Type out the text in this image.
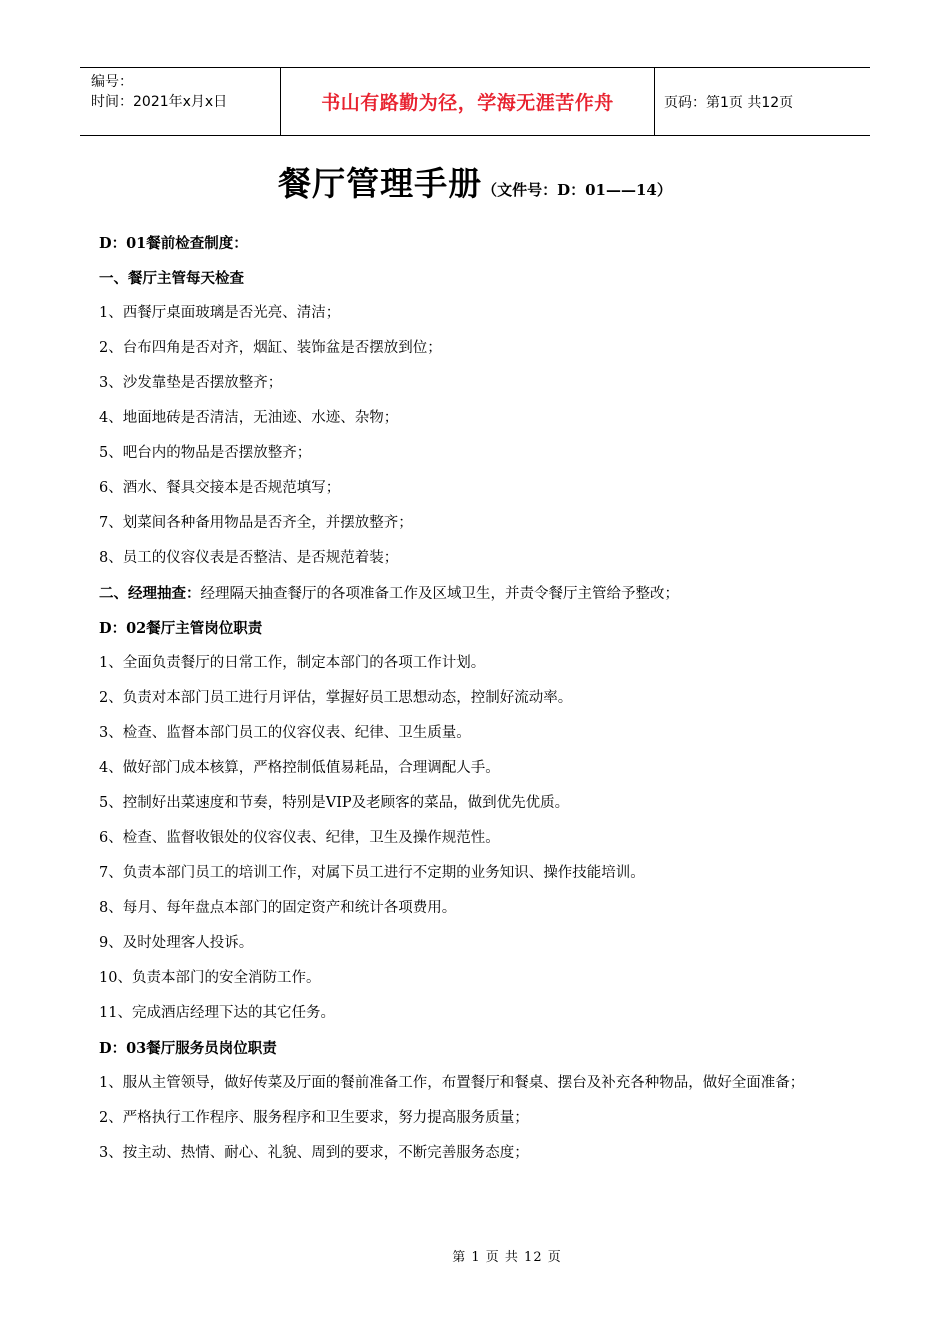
编号：
时间：2021年x月x日	书山有路勤为径，学海无涯苦作舟	页码：第1页 共12页
餐厅管理手册（文件号：D：01——14）
D：01餐前检查制度：
一、餐厅主管每天检查
1、西餐厅桌面玻璃是否光亮、清洁；
2、台布四角是否对齐，烟缸、装饰盆是否摆放到位；
3、沙发靠垫是否摆放整齐；
4、地面地砖是否清洁，无油迹、水迹、杂物；
5、吧台内的物品是否摆放整齐；
6、酒水、餐具交接本是否规范填写；
7、划菜间各种备用物品是否齐全，并摆放整齐；
8、员工的仪容仪表是否整洁、是否规范着装；
二、经理抽查：经理隔天抽查餐厅的各项准备工作及区域卫生，并责令餐厅主管给予整改；
D：02餐厅主管岗位职责
1、全面负责餐厅的日常工作，制定本部门的各项工作计划。
2、负责对本部门员工进行月评估，掌握好员工思想动态，控制好流动率。
3、检查、监督本部门员工的仪容仪表、纪律、卫生质量。
4、做好部门成本核算，严格控制低值易耗品，合理调配人手。
5、控制好出菜速度和节奏，特别是VIP及老顾客的菜品，做到优先优质。
6、检查、监督收银处的仪容仪表、纪律，卫生及操作规范性。
7、负责本部门员工的培训工作，对属下员工进行不定期的业务知识、操作技能培训。
8、每月、每年盘点本部门的固定资产和统计各项费用。
9、及时处理客人投诉。
10、负责本部门的安全消防工作。
11、完成酒店经理下达的其它任务。
D：03餐厅服务员岗位职责
1、服从主管领导，做好传菜及厅面的餐前准备工作，布置餐厅和餐桌、摆台及补充各种物品，做好全面准备；
2、严格执行工作程序、服务程序和卫生要求，努力提高服务质量；
3、按主动、热情、耐心、礼貌、周到的要求，不断完善服务态度；
第 1 页 共 12 页
